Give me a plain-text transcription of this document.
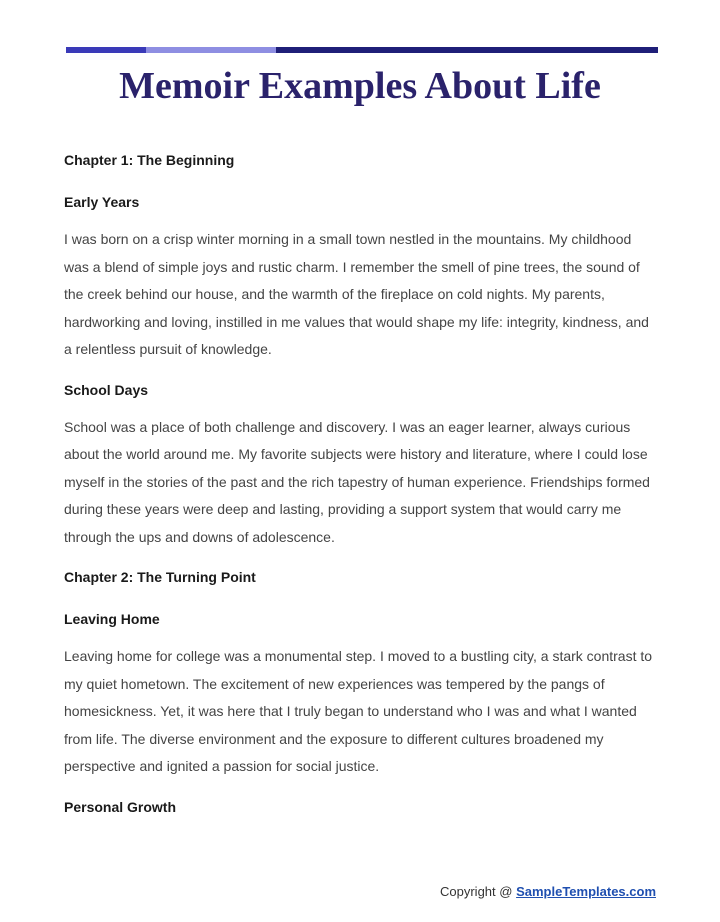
Memoir Examples About Life
Chapter 1: The Beginning
Early Years

I was born on a crisp winter morning in a small town nestled in the mountains. My childhood was a blend of simple joys and rustic charm. I remember the smell of pine trees, the sound of the creek behind our house, and the warmth of the fireplace on cold nights. My parents, hardworking and loving, instilled in me values that would shape my life: integrity, kindness, and a relentless pursuit of knowledge.

School Days

School was a place of both challenge and discovery. I was an eager learner, always curious about the world around me. My favorite subjects were history and literature, where I could lose myself in the stories of the past and the rich tapestry of human experience. Friendships formed during these years were deep and lasting, providing a support system that would carry me through the ups and downs of adolescence.

Chapter 2: The Turning Point
Leaving Home

Leaving home for college was a monumental step. I moved to a bustling city, a stark contrast to my quiet hometown. The excitement of new experiences was tempered by the pangs of homesickness. Yet, it was here that I truly began to understand who I was and what I wanted from life. The diverse environment and the exposure to different cultures broadened my perspective and ignited a passion for social justice.

Personal Growth
Copyright @ SampleTemplates.com
